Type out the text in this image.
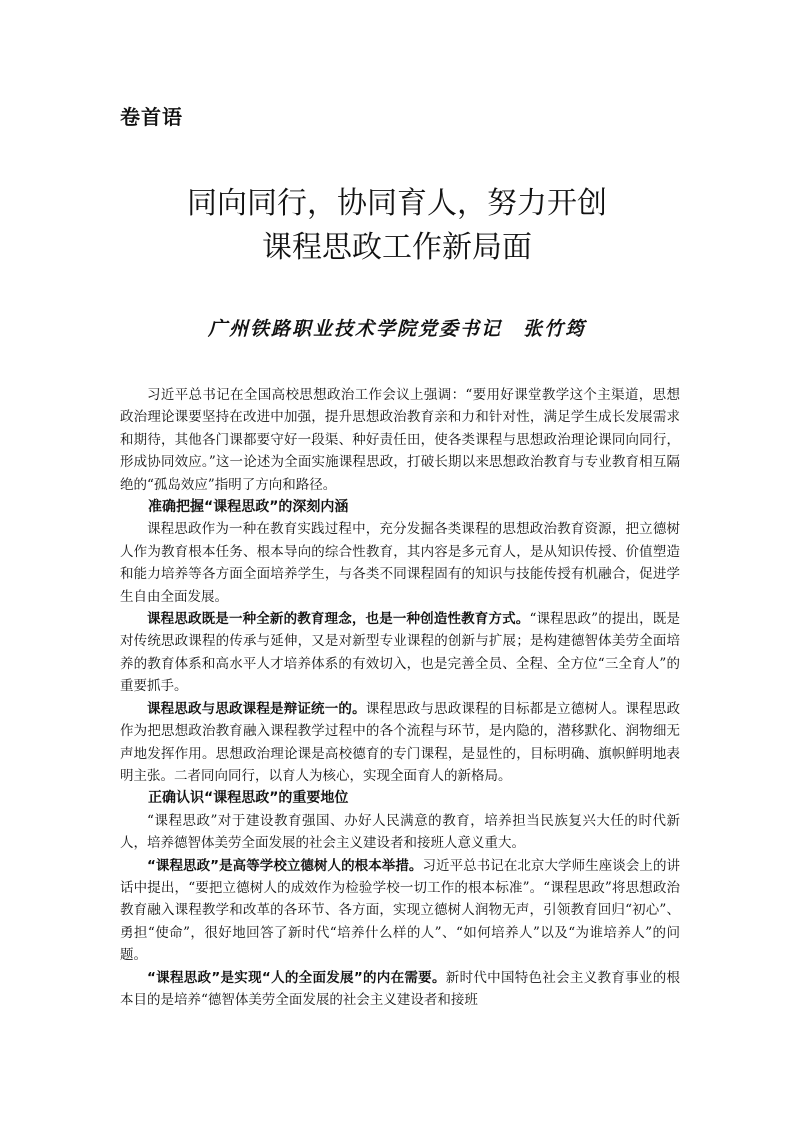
卷首语
同向同行，协同育人，努力开创
课程思政工作新局面
广州铁路职业技术学院党委书记　张竹筠

习近平总书记在全国高校思想政治工作会议上强调：“要用好课堂教学这个主渠道，思想政治理论课要坚持在改进中加强，提升思想政治教育亲和力和针对性，满足学生成长发展需求和期待，其他各门课都要守好一段渠、种好责任田，使各类课程与思想政治理论课同向同行，形成协同效应。”这一论述为全面实施课程思政，打破长期以来思想政治教育与专业教育相互隔绝的“孤岛效应”指明了方向和路径。

准确把握“课程思政”的深刻内涵

课程思政作为一种在教育实践过程中，充分发掘各类课程的思想政治教育资源，把立德树人作为教育根本任务、根本导向的综合性教育，其内容是多元育人，是从知识传授、价值塑造和能力培养等各方面全面培养学生，与各类不同课程固有的知识与技能传授有机融合，促进学生自由全面发展。

课程思政既是一种全新的教育理念，也是一种创造性教育方式。“课程思政”的提出，既是对传统思政课程的传承与延伸，又是对新型专业课程的创新与扩展；是构建德智体美劳全面培养的教育体系和高水平人才培养体系的有效切入，也是完善全员、全程、全方位“三全育人”的重要抓手。

课程思政与思政课程是辩证统一的。课程思政与思政课程的目标都是立德树人。课程思政作为把思想政治教育融入课程教学过程中的各个流程与环节，是内隐的，潜移默化、润物细无声地发挥作用。思想政治理论课是高校德育的专门课程，是显性的，目标明确、旗帜鲜明地表明主张。二者同向同行，以育人为核心，实现全面育人的新格局。

正确认识“课程思政”的重要地位

“课程思政”对于建设教育强国、办好人民满意的教育，培养担当民族复兴大任的时代新人，培养德智体美劳全面发展的社会主义建设者和接班人意义重大。

“课程思政”是高等学校立德树人的根本举措。习近平总书记在北京大学师生座谈会上的讲话中提出，“要把立德树人的成效作为检验学校一切工作的根本标准”。“课程思政”将思想政治教育融入课程教学和改革的各环节、各方面，实现立德树人润物无声，引领教育回归“初心”、勇担“使命”，很好地回答了新时代“培养什么样的人”、“如何培养人”以及“为谁培养人”的问题。

“课程思政”是实现“人的全面发展”的内在需要。新时代中国特色社会主义教育事业的根本目的是培养“德智体美劳全面发展的社会主义建设者和接班
